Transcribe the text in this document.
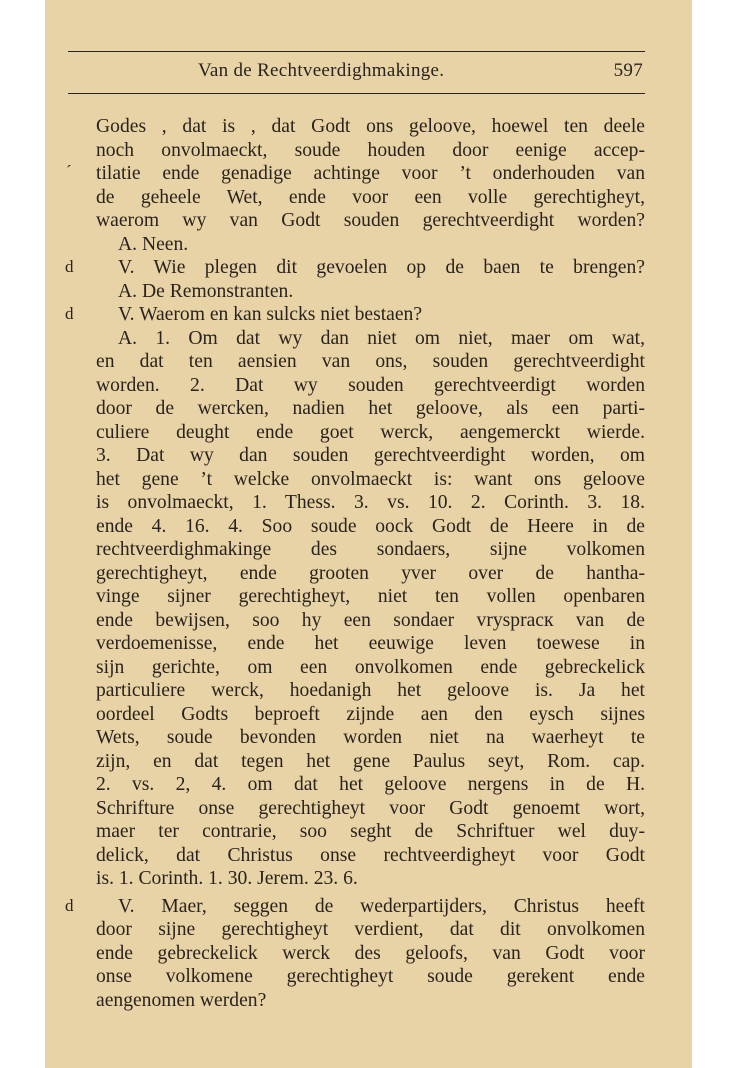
Van de Rechtveerdighmakinge.	597
´
d
d
d
Godes , dat is , dat Godt ons geloove, hoewel ten deele
noch onvolmaeckt, soude houden door eenige accep-
tilatie ende genadige achtinge voor ’t onderhouden van
de geheele Wet, ende voor een volle gerechtigheyt,
waerom wy van Godt souden gerechtveerdight worden?
A. Neen.
V. Wie plegen dit gevoelen op de baen te brengen?
A. De Remonstranten.
V. Waerom en kan sulcks niet bestaen?
A. 1. Om dat wy dan niet om niet, maer om wat,
en dat ten aensien van ons, souden gerechtveerdight
worden. 2. Dat wy souden gerechtveerdigt worden
door de wercken, nadien het geloove, als een parti-
culiere deught ende goet werck, aengemerckt wierde.
3. Dat wy dan souden gerechtveerdight worden, om
het gene ’t welcke onvolmaeckt is: want ons geloove
is onvolmaeckt, 1. Thess. 3. vs. 10. 2. Corinth. 3. 18.
ende 4. 16. 4. Soo soude oock Godt de Heere in de
rechtveerdighmakinge des sondaers, sijne volkomen
gerechtigheyt, ende grooten yver over de hantha-
vinge sijner gerechtigheyt, niet ten vollen openbaren
ende bewijsen, soo hy een sondaer vryspracк van de
verdoemenisse, ende het eeuwige leven toewese in
sijn gerichte, om een onvolkomen ende gebreckelick
particuliere werck, hoedanigh het geloove is. Ja het
oordeel Godts beproeft zijnde aen den eysch sijnes
Wets, soude bevonden worden niet na waerheyt te
zijn, en dat tegen het gene Paulus seyt, Rom. cap.
2. vs. 2, 4. om dat het geloove nergens in de H.
Schrifture onse gerechtigheyt voor Godt genoemt wort,
maer ter contrarie, soo seght de Schriftuer wel duy-
delick, dat Christus onse rechtveerdigheyt voor Godt
is. 1. Corinth. 1. 30. Jerem. 23. 6.
V. Maer, seggen de wederpartijders, Christus heeft
door sijne gerechtigheyt verdient, dat dit onvolkomen
ende gebreckelick werck des geloofs, van Godt voor
onse volkomene gerechtigheyt soude gerekent ende
aengenomen werden?
